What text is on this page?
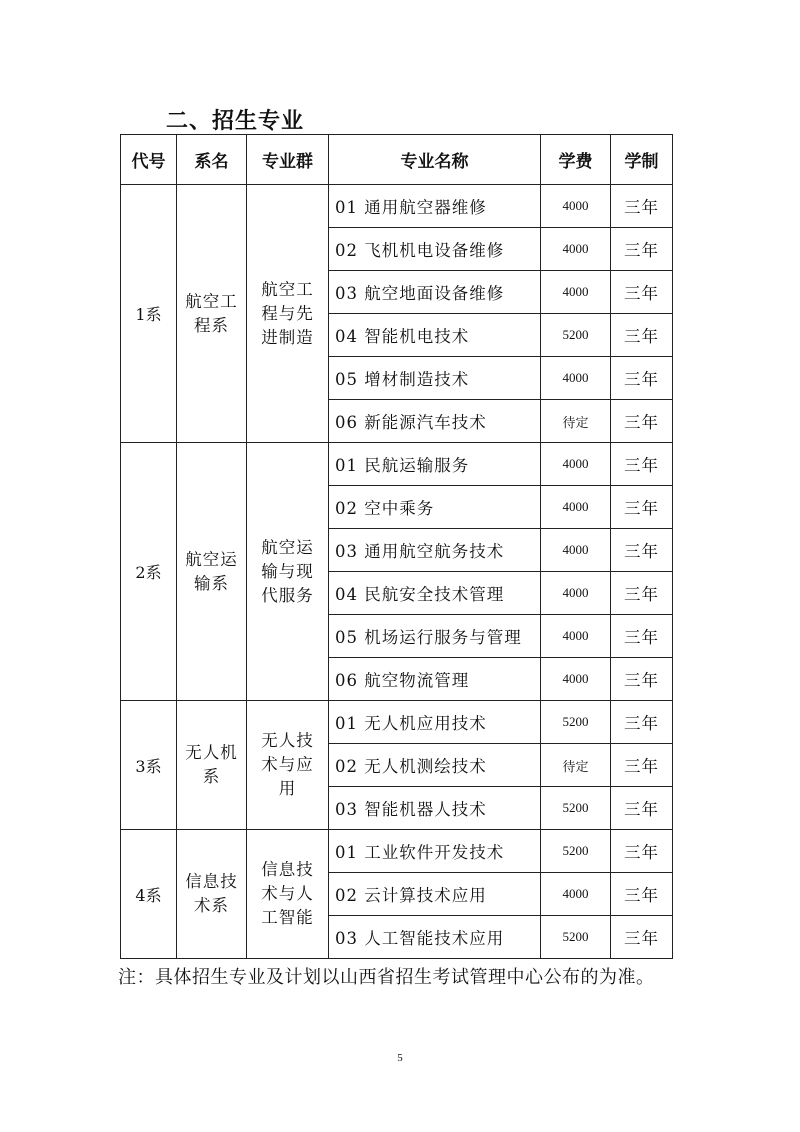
二、招生专业
代号	系名	专业群	专业名称	学费	学制
1系	航空工程系	航空工程与先进制造	01 通用航空器维修	4000	三年
			02 飞机机电设备维修	4000	三年
			03 航空地面设备维修	4000	三年
			04 智能机电技术	5200	三年
			05 增材制造技术	4000	三年
			06 新能源汽车技术	待定	三年
2系	航空运输系	航空运输与现代服务	01 民航运输服务	4000	三年
			02 空中乘务	4000	三年
			03 通用航空航务技术	4000	三年
			04 民航安全技术管理	4000	三年
			05 机场运行服务与管理	4000	三年
			06 航空物流管理	4000	三年
3系	无人机系	无人技术与应用	01 无人机应用技术	5200	三年
			02 无人机测绘技术	待定	三年
			03 智能机器人技术	5200	三年
4系	信息技术系	信息技术与人工智能	01 工业软件开发技术	5200	三年
			02 云计算技术应用	4000	三年
			03 人工智能技术应用	5200	三年
注：具体招生专业及计划以山西省招生考试管理中心公布的为准。
5
